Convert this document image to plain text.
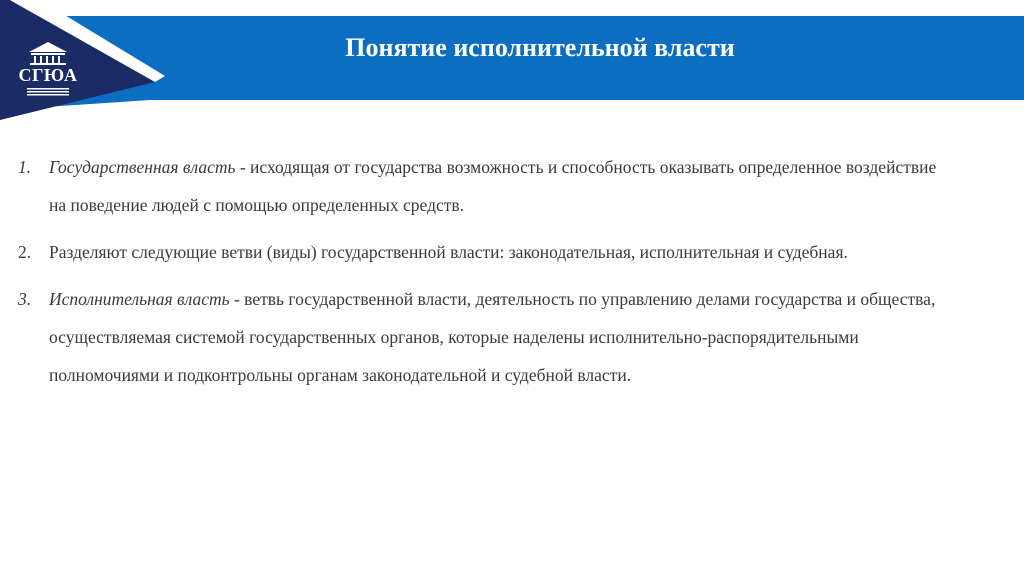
СГЮА
Понятие исполнительной власти
1. Государственная власть - исходящая от государства возможность и способность оказывать определенное воздействие на поведение людей с помощью определенных средств.
2. Разделяют следующие ветви (виды) государственной власти: законодательная, исполнительная и судебная.
3. Исполнительная власть - ветвь государственной власти, деятельность по управлению делами государства и общества, осуществляемая системой государственных органов, которые наделены исполнительно-распорядительными полномочиями и подконтрольны органам законодательной и судебной власти.
